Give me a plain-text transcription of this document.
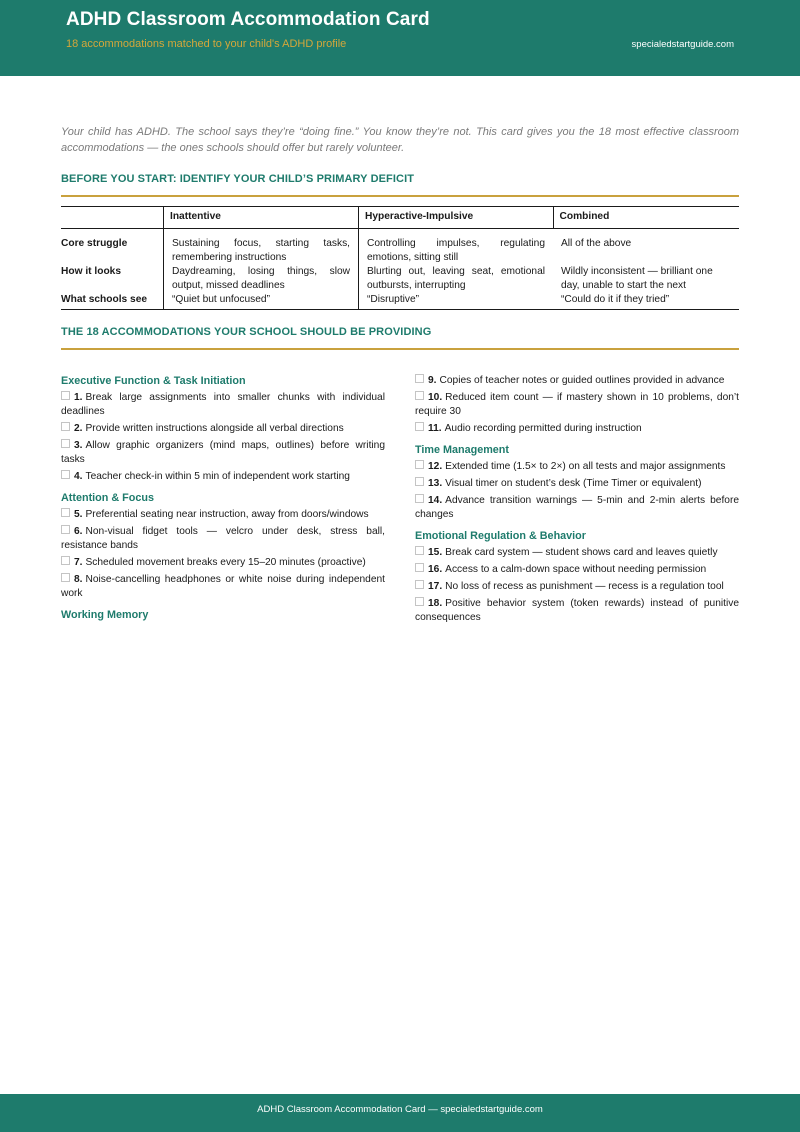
ADHD Classroom Accommodation Card
18 accommodations matched to your child's ADHD profile	specialedstartguide.com
Your child has ADHD. The school says they’re “doing fine.” You know they’re not. This card gives you the 18 most effective classroom accommodations — the ones schools should offer but rarely volunteer.
BEFORE YOU START: IDENTIFY YOUR CHILD’S PRIMARY DEFICIT
	Inattentive	Hyperactive-Impulsive	Combined
Core struggle	Sustaining focus, starting tasks, remembering instructions	Controlling impulses, regulating emotions, sitting still	All of the above
How it looks	Daydreaming, losing things, slow output, missed deadlines	Blurting out, leaving seat, emotional outbursts, interrupting	Wildly inconsistent — brilliant one day, unable to start the next
What schools see	“Quiet but unfocused”	“Disruptive”	“Could do it if they tried”
THE 18 ACCOMMODATIONS YOUR SCHOOL SHOULD BE PROVIDING
Executive Function & Task Initiation
1. Break large assignments into smaller chunks with individual deadlines
2. Provide written instructions alongside all verbal directions
3. Allow graphic organizers (mind maps, outlines) before writing tasks
4. Teacher check-in within 5 min of independent work starting
Attention & Focus
5. Preferential seating near instruction, away from doors/windows
6. Non-visual fidget tools — velcro under desk, stress ball, resistance bands
7. Scheduled movement breaks every 15–20 minutes (proactive)
8. Noise-cancelling headphones or white noise during independent work
Working Memory
9. Copies of teacher notes or guided outlines provided in advance
10. Reduced item count — if mastery shown in 10 problems, don’t require 30
11. Audio recording permitted during instruction
Time Management
12. Extended time (1.5× to 2×) on all tests and major assignments
13. Visual timer on student’s desk (Time Timer or equivalent)
14. Advance transition warnings — 5-min and 2-min alerts before changes
Emotional Regulation & Behavior
15. Break card system — student shows card and leaves quietly
16. Access to a calm-down space without needing permission
17. No loss of recess as punishment — recess is a regulation tool
18. Positive behavior system (token rewards) instead of punitive consequences
ADHD Classroom Accommodation Card — specialedstartguide.com
